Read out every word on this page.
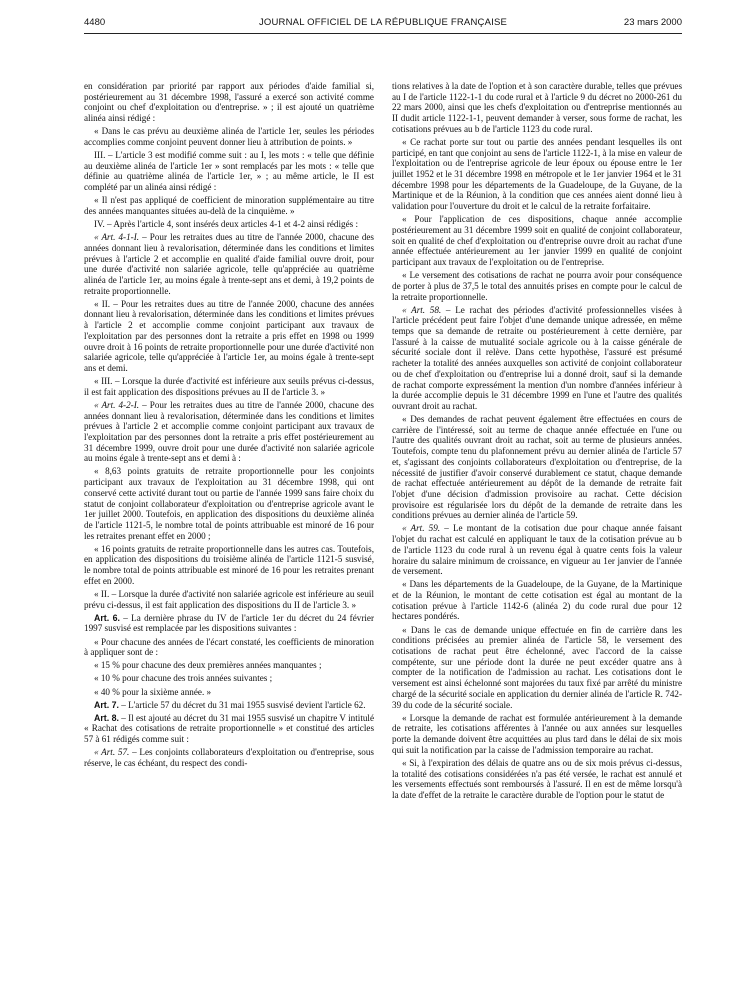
4480	JOURNAL OFFICIEL DE LA RÉPUBLIQUE FRANÇAISE	23 mars 2000

en considération par priorité par rapport aux périodes d'aide familial si, postérieurement au 31 décembre 1998, l'assuré a exercé son activité comme conjoint ou chef d'exploitation ou d'entreprise. » ; il est ajouté un quatrième alinéa ainsi rédigé :

« Dans le cas prévu au deuxième alinéa de l'article 1er, seules les périodes accomplies comme conjoint peuvent donner lieu à attribution de points. »

III. – L'article 3 est modifié comme suit : au I, les mots : « telle que définie au deuxième alinéa de l'article 1er » sont remplacés par les mots : « telle que définie au quatrième alinéa de l'article 1er, » ; au même article, le II est complété par un alinéa ainsi rédigé :

« Il n'est pas appliqué de coefficient de minoration supplémentaire au titre des années manquantes situées au-delà de la cinquième. »

IV. – Après l'article 4, sont insérés deux articles 4-1 et 4-2 ainsi rédigés :

« Art. 4-1-I. – Pour les retraites dues au titre de l'année 2000, chacune des années donnant lieu à revalorisation, déterminée dans les conditions et limites prévues à l'article 2 et accomplie en qualité d'aide familial ouvre droit, pour une durée d'activité non salariée agricole, telle qu'appréciée au quatrième alinéa de l'article 1er, au moins égale à trente-sept ans et demi, à 19,2 points de retraite proportionnelle.

« II. – Pour les retraites dues au titre de l'année 2000, chacune des années donnant lieu à revalorisation, déterminée dans les conditions et limites prévues à l'article 2 et accomplie comme conjoint participant aux travaux de l'exploitation par des personnes dont la retraite a pris effet en 1998 ou 1999 ouvre droit à 16 points de retraite proportionnelle pour une durée d'activité non salariée agricole, telle qu'appréciée à l'article 1er, au moins égale à trente-sept ans et demi.

« III. – Lorsque la durée d'activité est inférieure aux seuils prévus ci-dessus, il est fait application des dispositions prévues au II de l'article 3. »

« Art. 4-2-I. – Pour les retraites dues au titre de l'année 2000, chacune des années donnant lieu à revalorisation, déterminée dans les conditions et limites prévues à l'article 2 et accomplie comme conjoint participant aux travaux de l'exploitation par des personnes dont la retraite a pris effet postérieurement au 31 décembre 1999, ouvre droit pour une durée d'activité non salariée agricole au moins égale à trente-sept ans et demi à :

« 8,63 points gratuits de retraite proportionnelle pour les conjoints participant aux travaux de l'exploitation au 31 décembre 1998, qui ont conservé cette activité durant tout ou partie de l'année 1999 sans faire choix du statut de conjoint collaborateur d'exploitation ou d'entreprise agricole avant le 1er juillet 2000. Toutefois, en application des dispositions du deuxième alinéa de l'article 1121-5, le nombre total de points attribuable est minoré de 16 pour les retraites prenant effet en 2000 ;

« 16 points gratuits de retraite proportionnelle dans les autres cas. Toutefois, en application des dispositions du troisième alinéa de l'article 1121-5 susvisé, le nombre total de points attribuable est minoré de 16 pour les retraites prenant effet en 2000.

« II. – Lorsque la durée d'activité non salariée agricole est inférieure au seuil prévu ci-dessus, il est fait application des dispositions du II de l'article 3. »

Art. 6. – La dernière phrase du IV de l'article 1er du décret du 24 février 1997 susvisé est remplacée par les dispositions suivantes :

« Pour chacune des années de l'écart constaté, les coefficients de minoration à appliquer sont de :

« 15 % pour chacune des deux premières années manquantes ;

« 10 % pour chacune des trois années suivantes ;

« 40 % pour la sixième année. »

Art. 7. – L'article 57 du décret du 31 mai 1955 susvisé devient l'article 62.

Art. 8. – Il est ajouté au décret du 31 mai 1955 susvisé un chapitre V intitulé « Rachat des cotisations de retraite proportionnelle » et constitué des articles 57 à 61 rédigés comme suit :

« Art. 57. – Les conjoints collaborateurs d'exploitation ou d'entreprise, sous réserve, le cas échéant, du respect des condi-

tions relatives à la date de l'option et à son caractère durable, telles que prévues au I de l'article 1122-1-1 du code rural et à l'article 9 du décret no 2000-261 du 22 mars 2000, ainsi que les chefs d'exploitation ou d'entreprise mentionnés au II dudit article 1122-1-1, peuvent demander à verser, sous forme de rachat, les cotisations prévues au b de l'article 1123 du code rural.

« Ce rachat porte sur tout ou partie des années pendant lesquelles ils ont participé, en tant que conjoint au sens de l'article 1122-1, à la mise en valeur de l'exploitation ou de l'entreprise agricole de leur époux ou épouse entre le 1er juillet 1952 et le 31 décembre 1998 en métropole et le 1er janvier 1964 et le 31 décembre 1998 pour les départements de la Guadeloupe, de la Guyane, de la Martinique et de la Réunion, à la condition que ces années aient donné lieu à validation pour l'ouverture du droit et le calcul de la retraite forfaitaire.

« Pour l'application de ces dispositions, chaque année accomplie postérieurement au 31 décembre 1999 soit en qualité de conjoint collaborateur, soit en qualité de chef d'exploitation ou d'entreprise ouvre droit au rachat d'une année effectuée antérieurement au 1er janvier 1999 en qualité de conjoint participant aux travaux de l'exploitation ou de l'entreprise.

« Le versement des cotisations de rachat ne pourra avoir pour conséquence de porter à plus de 37,5 le total des annuités prises en compte pour le calcul de la retraite proportionnelle.

« Art. 58. – Le rachat des périodes d'activité professionnelles visées à l'article précédent peut faire l'objet d'une demande unique adressée, en même temps que sa demande de retraite ou postérieurement à cette dernière, par l'assuré à la caisse de mutualité sociale agricole ou à la caisse générale de sécurité sociale dont il relève. Dans cette hypothèse, l'assuré est présumé racheter la totalité des années auxquelles son activité de conjoint collaborateur ou de chef d'exploitation ou d'entreprise lui a donné droit, sauf si la demande de rachat comporte expressément la mention d'un nombre d'années inférieur à la durée accomplie depuis le 31 décembre 1999 en l'une et l'autre des qualités ouvrant droit au rachat.

« Des demandes de rachat peuvent également être effectuées en cours de carrière de l'intéressé, soit au terme de chaque année effectuée en l'une ou l'autre des qualités ouvrant droit au rachat, soit au terme de plusieurs années. Toutefois, compte tenu du plafonnement prévu au dernier alinéa de l'article 57 et, s'agissant des conjoints collaborateurs d'exploitation ou d'entreprise, de la nécessité de justifier d'avoir conservé durablement ce statut, chaque demande de rachat effectuée antérieurement au dépôt de la demande de retraite fait l'objet d'une décision d'admission provisoire au rachat. Cette décision provisoire est régularisée lors du dépôt de la demande de retraite dans les conditions prévues au dernier alinéa de l'article 59.

« Art. 59. – Le montant de la cotisation due pour chaque année faisant l'objet du rachat est calculé en appliquant le taux de la cotisation prévue au b de l'article 1123 du code rural à un revenu égal à quatre cents fois la valeur horaire du salaire minimum de croissance, en vigueur au 1er janvier de l'année de versement.

« Dans les départements de la Guadeloupe, de la Guyane, de la Martinique et de la Réunion, le montant de cette cotisation est égal au montant de la cotisation prévue à l'article 1142-6 (alinéa 2) du code rural due pour 12 hectares pondérés.

« Dans le cas de demande unique effectuée en fin de carrière dans les conditions précisées au premier alinéa de l'article 58, le versement des cotisations de rachat peut être échelonné, avec l'accord de la caisse compétente, sur une période dont la durée ne peut excéder quatre ans à compter de la notification de l'admission au rachat. Les cotisations dont le versement est ainsi échelonné sont majorées du taux fixé par arrêté du ministre chargé de la sécurité sociale en application du dernier alinéa de l'article R. 742-39 du code de la sécurité sociale.

« Lorsque la demande de rachat est formulée antérieurement à la demande de retraite, les cotisations afférentes à l'année ou aux années sur lesquelles porte la demande doivent être acquittées au plus tard dans le délai de six mois qui suit la notification par la caisse de l'admission temporaire au rachat.

« Si, à l'expiration des délais de quatre ans ou de six mois prévus ci-dessus, la totalité des cotisations considérées n'a pas été versée, le rachat est annulé et les versements effectués sont remboursés à l'assuré. Il en est de même lorsqu'à la date d'effet de la retraite le caractère durable de l'option pour le statut de
